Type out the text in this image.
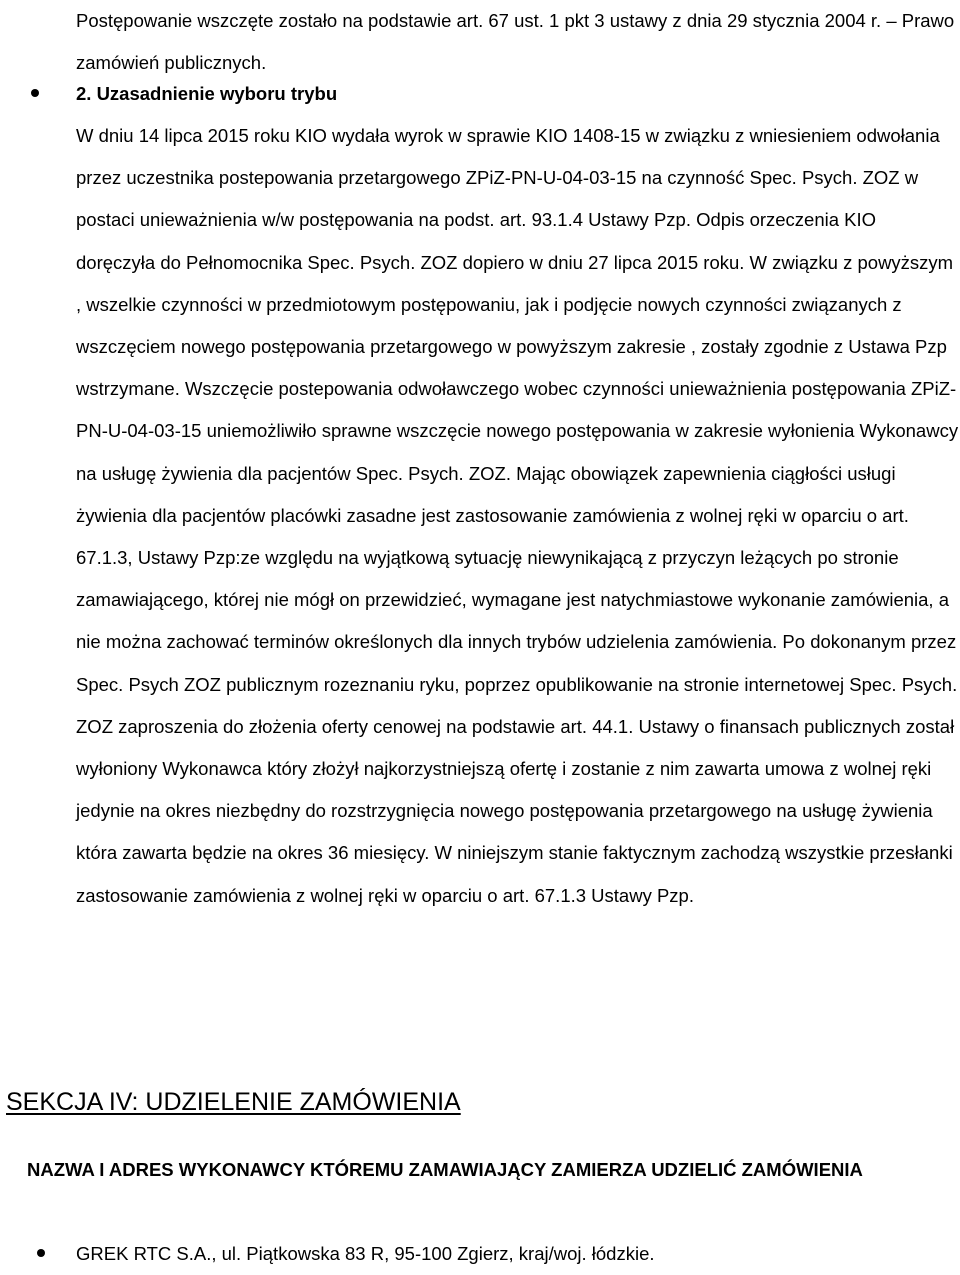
Postępowanie wszczęte zostało na podstawie art. 67 ust. 1 pkt 3 ustawy z dnia 29 stycznia 2004 r. – Prawo zamówień publicznych.

2. Uzasadnienie wyboru trybu

W dniu 14 lipca 2015 roku KIO wydała wyrok w sprawie KIO 1408-15 w związku z wniesieniem odwołania przez uczestnika postepowania przetargowego ZPiZ-PN-U-04-03-15 na czynność Spec. Psych. ZOZ w postaci unieważnienia w/w postępowania na podst. art. 93.1.4 Ustawy Pzp. Odpis orzeczenia KIO doręczyła do Pełnomocnika Spec. Psych. ZOZ dopiero w dniu 27 lipca 2015 roku. W związku z powyższym , wszelkie czynności w przedmiotowym postępowaniu, jak i podjęcie nowych czynności związanych z wszczęciem nowego postępowania przetargowego w powyższym zakresie , zostały zgodnie z Ustawa Pzp wstrzymane. Wszczęcie postepowania odwoławczego wobec czynności unieważnienia postępowania ZPiZ-PN-U-04-03-15 uniemożliwiło sprawne wszczęcie nowego postępowania w zakresie wyłonienia Wykonawcy na usługę żywienia dla pacjentów Spec. Psych. ZOZ. Mając obowiązek zapewnienia ciągłości usługi żywienia dla pacjentów placówki zasadne jest zastosowanie zamówienia z wolnej ręki w oparciu o art. 67.1.3, Ustawy Pzp:ze względu na wyjątkową sytuację niewynikającą z przyczyn leżących po stronie zamawiającego, której nie mógł on przewidzieć, wymagane jest natychmiastowe wykonanie zamówienia, a nie można zachować terminów określonych dla innych trybów udzielenia zamówienia. Po dokonanym przez Spec. Psych ZOZ publicznym rozeznaniu ryku, poprzez opublikowanie na stronie internetowej Spec. Psych. ZOZ zaproszenia do złożenia oferty cenowej na podstawie art. 44.1. Ustawy o finansach publicznych został wyłoniony Wykonawca który złożył najkorzystniejszą ofertę i zostanie z nim zawarta umowa z wolnej ręki jedynie na okres niezbędny do rozstrzygnięcia nowego postępowania przetargowego na usługę żywienia która zawarta będzie na okres 36 miesięcy. W niniejszym stanie faktycznym zachodzą wszystkie przesłanki zastosowanie zamówienia z wolnej ręki w oparciu o art. 67.1.3 Ustawy Pzp.

SEKCJA IV: UDZIELENIE ZAMÓWIENIA
NAZWA I ADRES WYKONAWCY KTÓREMU ZAMAWIAJĄCY ZAMIERZA UDZIELIĆ ZAMÓWIENIA

GREK RTC S.A., ul. Piątkowska 83 R, 95-100 Zgierz, kraj/woj. łódzkie.
